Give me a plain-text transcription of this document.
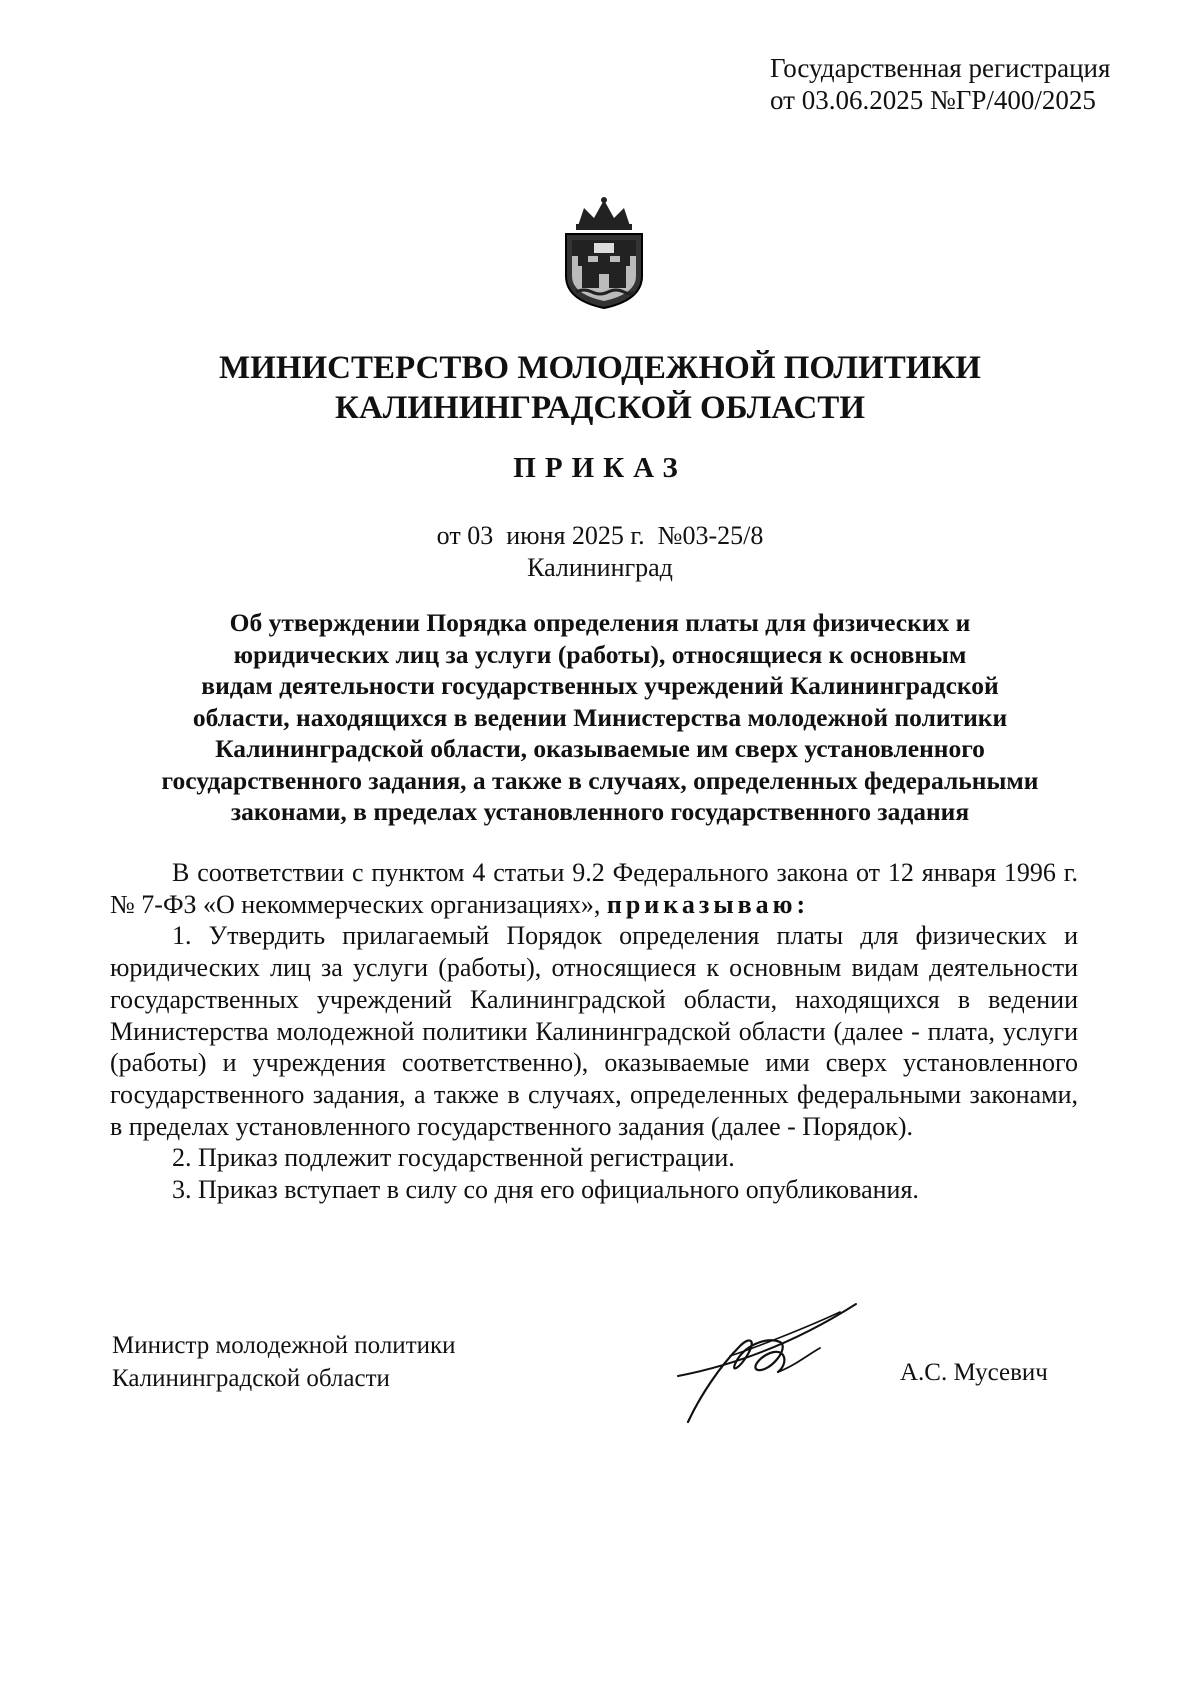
Государственная регистрация
от 03.06.2025 №ГР/400/2025
МИНИСТЕРСТВО МОЛОДЕЖНОЙ ПОЛИТИКИ
КАЛИНИНГРАДСКОЙ ОБЛАСТИ
ПРИКАЗ
от 03  июня 2025 г.  №03-25/8
Калининград
Об утверждении Порядка определения платы для физических и
юридических лиц за услуги (работы), относящиеся к основным
видам деятельности государственных учреждений Калининградской
области, находящихся в ведении Министерства молодежной политики
Калининградской области, оказываемые им сверх установленного
государственного задания, а также в случаях, определенных федеральными
законами, в пределах установленного государственного задания

В соответствии с пунктом 4 статьи 9.2 Федерального закона от 12 января 1996 г. № 7-ФЗ «О некоммерческих организациях», приказываю:

1. Утвердить прилагаемый Порядок определения платы для физических и юридических лиц за услуги (работы), относящиеся к основным видам деятельности государственных учреждений Калининградской области, находящихся в ведении Министерства молодежной политики Калининградской области (далее - плата, услуги (работы) и учреждения соответственно), оказываемые ими сверх установленного государственного задания, а также в случаях, определенных федеральными законами, в пределах установленного государственного задания (далее - Порядок).

2. Приказ подлежит государственной регистрации.

3. Приказ вступает в силу со дня его официального опубликования.

Министр молодежной политики
Калининградской области	А.С. Мусевич
